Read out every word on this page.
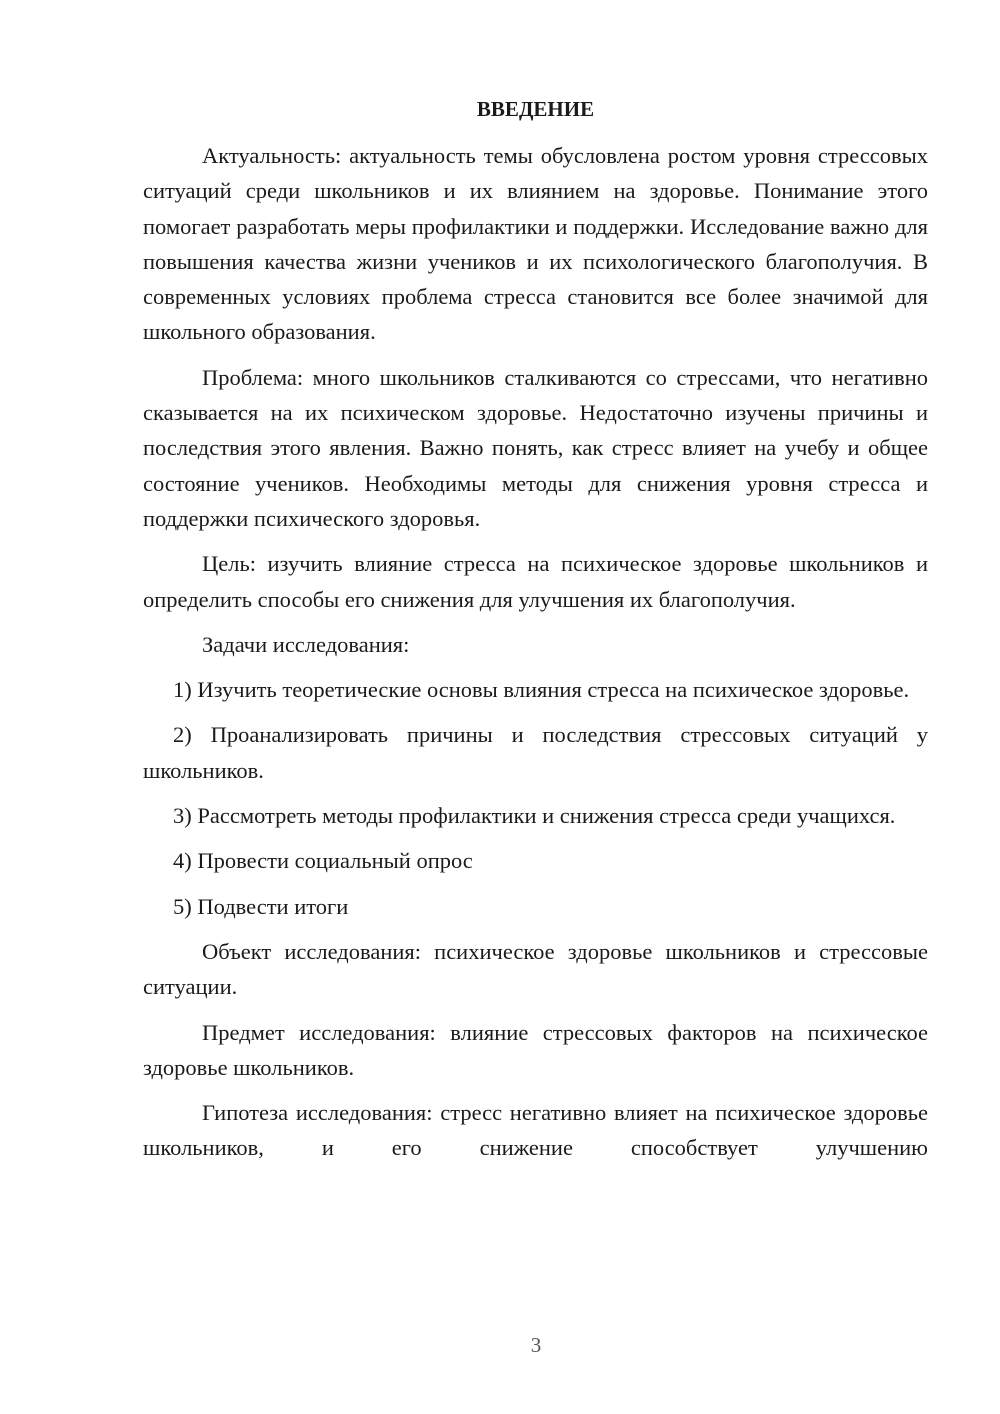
ВВЕДЕНИЕ

Актуальность: актуальность темы обусловлена ростом уровня стрессовых ситуаций среди школьников и их влиянием на здоровье. Понимание этого помогает разработать меры профилактики и поддержки. Исследование важно для повышения качества жизни учеников и их психологического благополучия. В современных условиях проблема стресса становится все более значимой для школьного образования.

Проблема: много школьников сталкиваются со стрессами, что негативно сказывается на их психическом здоровье. Недостаточно изучены причины и последствия этого явления. Важно понять, как стресс влияет на учебу и общее состояние учеников. Необходимы методы для снижения уровня стресса и поддержки психического здоровья.

Цель: изучить влияние стресса на психическое здоровье школьников и определить способы его снижения для улучшения их благополучия.

Задачи исследования:

1) Изучить теоретические основы влияния стресса на психическое здоровье.

2) Проанализировать причины и последствия стрессовых ситуаций у школьников.

3) Рассмотреть методы профилактики и снижения стресса среди учащихся.

4) Провести социальный опрос

5) Подвести итоги

Объект исследования: психическое здоровье школьников и стрессовые ситуации.

Предмет исследования: влияние стрессовых факторов на психическое здоровье школьников.

Гипотеза исследования: стресс негативно влияет на психическое здоровье школьников, и его снижение способствует улучшению

3
